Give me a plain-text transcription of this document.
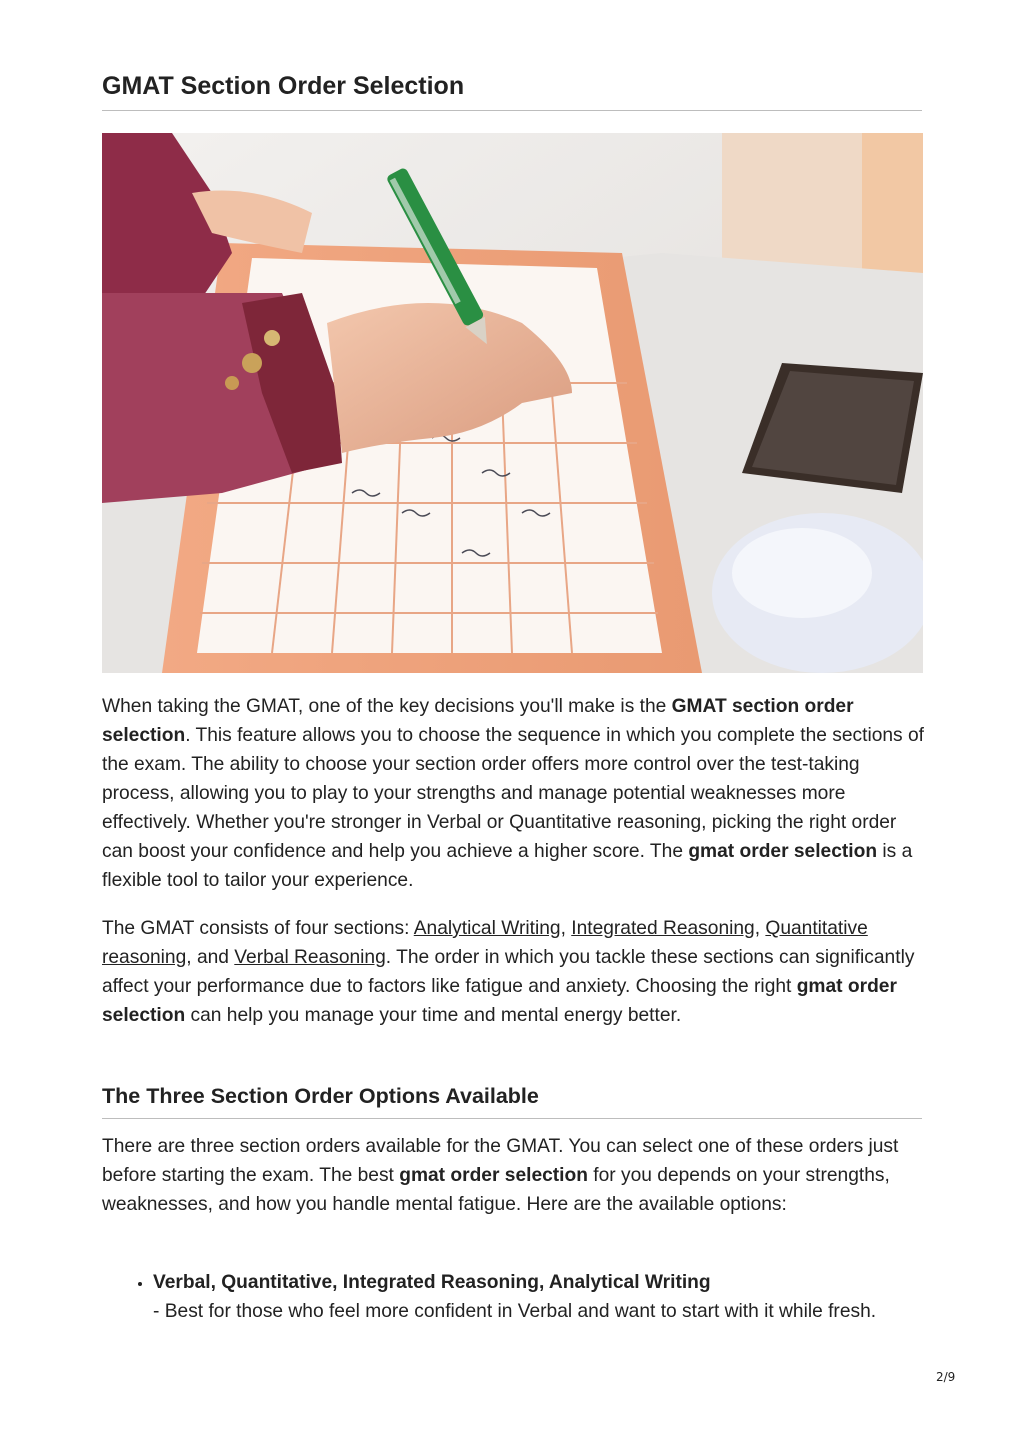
GMAT Section Order Selection

When taking the GMAT, one of the key decisions you'll make is the GMAT section order selection. This feature allows you to choose the sequence in which you complete the sections of the exam. The ability to choose your section order offers more control over the test-taking process, allowing you to play to your strengths and manage potential weaknesses more effectively. Whether you're stronger in Verbal or Quantitative reasoning, picking the right order can boost your confidence and help you achieve a higher score. The gmat order selection is a flexible tool to tailor your experience.

The GMAT consists of four sections: Analytical Writing, Integrated Reasoning, Quantitative reasoning, and Verbal Reasoning. The order in which you tackle these sections can significantly affect your performance due to factors like fatigue and anxiety. Choosing the right gmat order selection can help you manage your time and mental energy better.

The Three Section Order Options Available

There are three section orders available for the GMAT. You can select one of these orders just before starting the exam. The best gmat order selection for you depends on your strengths, weaknesses, and how you handle mental fatigue. Here are the available options:

• Verbal, Quantitative, Integrated Reasoning, Analytical Writing
- Best for those who feel more confident in Verbal and want to start with it while fresh.
2/9
